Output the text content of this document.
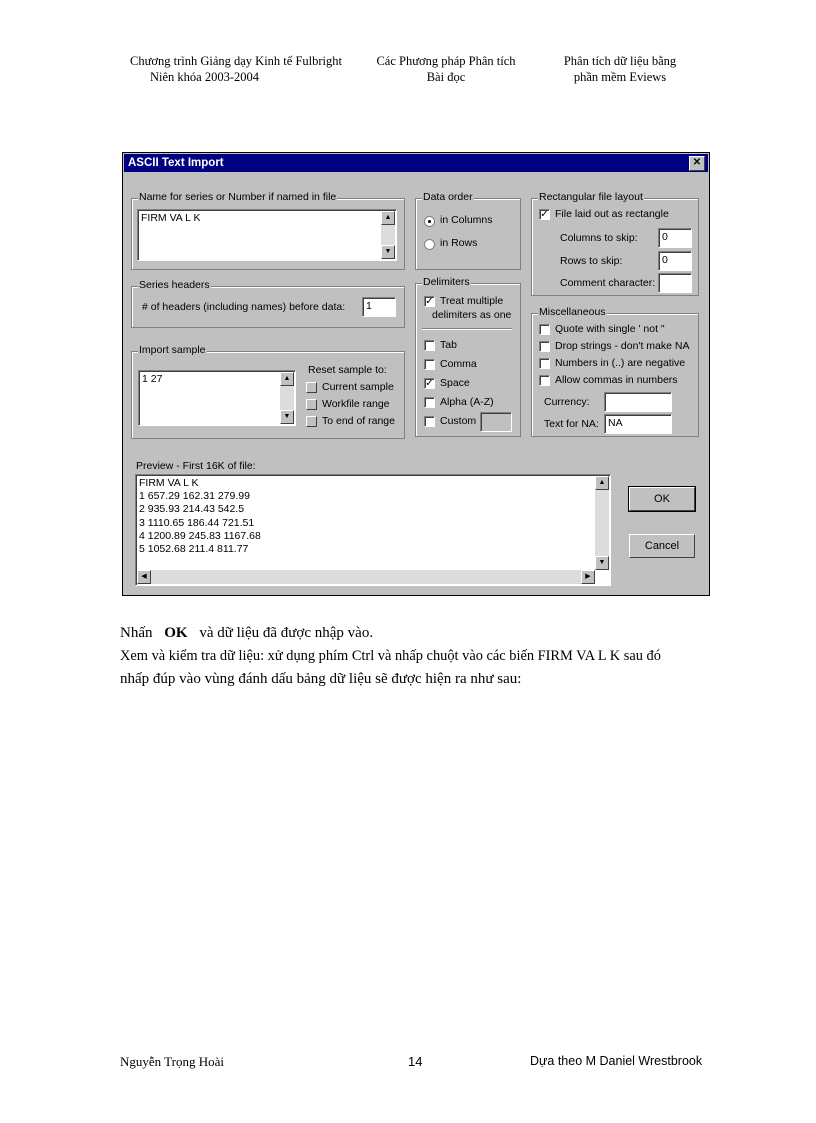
Chương trình Giảng dạy Kinh tế Fulbright
Niên khóa 2003-2004
Các Phương pháp Phân tích
Bài đọc
Phân tích dữ liệu bằng
phần mềm Eviews
ASCII Text Import	✕
Name for series or Number if named in file
FIRM VA L K	▲
▼
Data order
in Columns
in Rows
Rectangular file layout
✓ File laid out as rectangle
Columns to skip:	0
Rows to skip:	0
Comment character:
Series headers
# of headers (including names) before data:	1
Delimiters
✓ Treat multiple
delimiters as one
Tab
Comma
✓ Space
Alpha (A-Z)
Custom
Miscellaneous
Quote with single ' not "
Drop strings - don't make NA
Numbers in (..) are negative
Allow commas in numbers
Currency:
Text for NA: NA
Import sample
1 27	▲
▼
Reset sample to:
Current sample
Workfile range
To end of range
Preview - First 16K of file:
FIRM VA L K
1 657.29 162.31 279.99
2 935.93 214.43 542.5
3 1110.65 186.44 721.51
4 1200.89 245.83 1167.68
5 1052.68 211.4 811.77
▲
▼
◀	▶
OK
Cancel
Nhấn OK và dữ liệu đã được nhập vào.
Xem và kiểm tra dữ liệu: xử dụng phím Ctrl và nhấp chuột vào các biến FIRM VA L K sau đó
nhấp đúp vào vùng đánh dấu bảng dữ liệu sẽ được hiện ra như sau:
Nguyễn Trọng Hoài	14	Dựa theo M Daniel Wrestbrook
